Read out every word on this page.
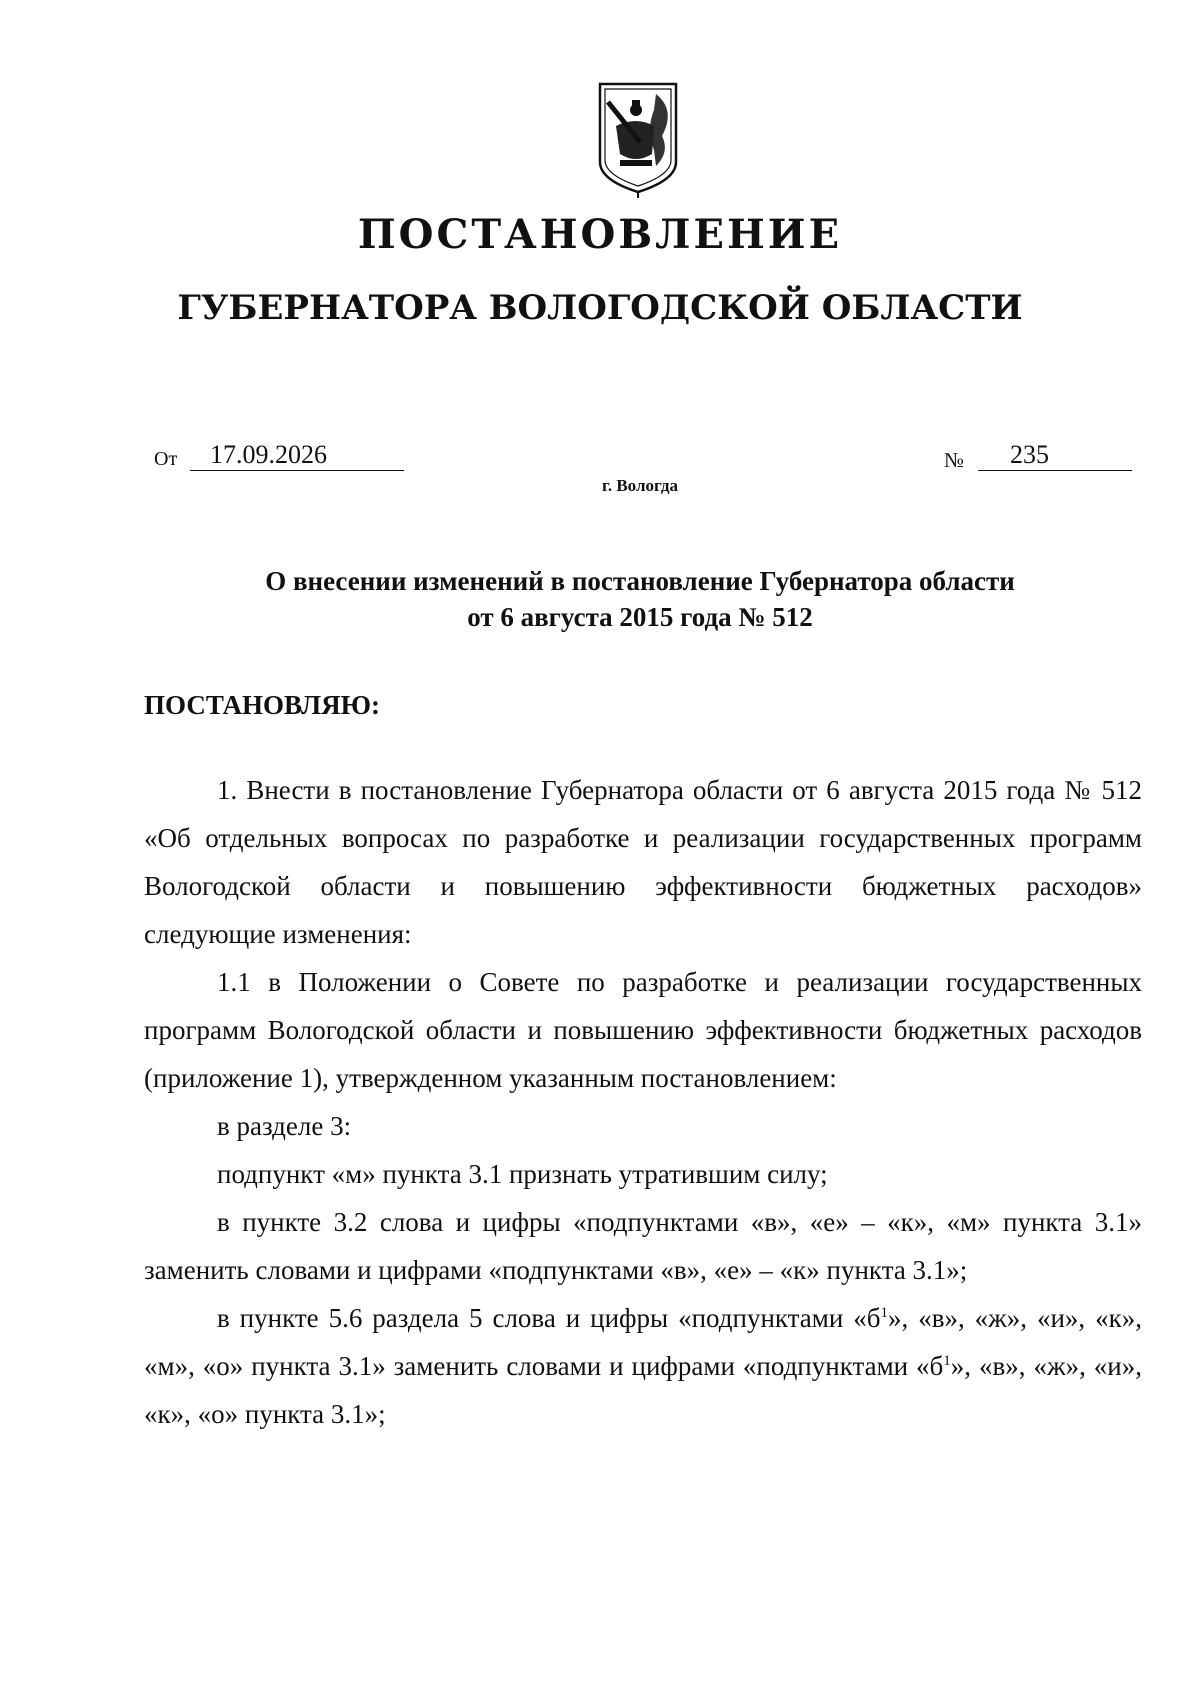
ПОСТАНОВЛЕНИЕ
ГУБЕРНАТОРА ВОЛОГОДСКОЙ ОБЛАСТИ
От	17.09.2026	№	235
г. Вологда
О внесении изменений в постановление Губернатора области
от 6 августа 2015 года № 512
ПОСТАНОВЛЯЮ:

1. Внести в постановление Губернатора области от 6 августа 2015 года № 512 «Об отдельных вопросах по разработке и реализации государственных программ Вологодской области и повышению эффективности бюджетных расходов» следующие изменения:

1.1 в Положении о Совете по разработке и реализации государственных программ Вологодской области и повышению эффективности бюджетных расходов (приложение 1), утвержденном указанным постановлением:

в разделе 3:

подпункт «м» пункта 3.1 признать утратившим силу;

в пункте 3.2 слова и цифры «подпунктами «в», «е» – «к», «м» пункта 3.1» заменить словами и цифрами «подпунктами «в», «е» – «к» пункта 3.1»;

в пункте 5.6 раздела 5 слова и цифры «подпунктами «$б^1$», «в», «ж», «и», «к», «м», «о» пункта 3.1» заменить словами и цифрами «подпунктами «$б^1$», «в», «ж», «и», «к», «о» пункта 3.1»;
